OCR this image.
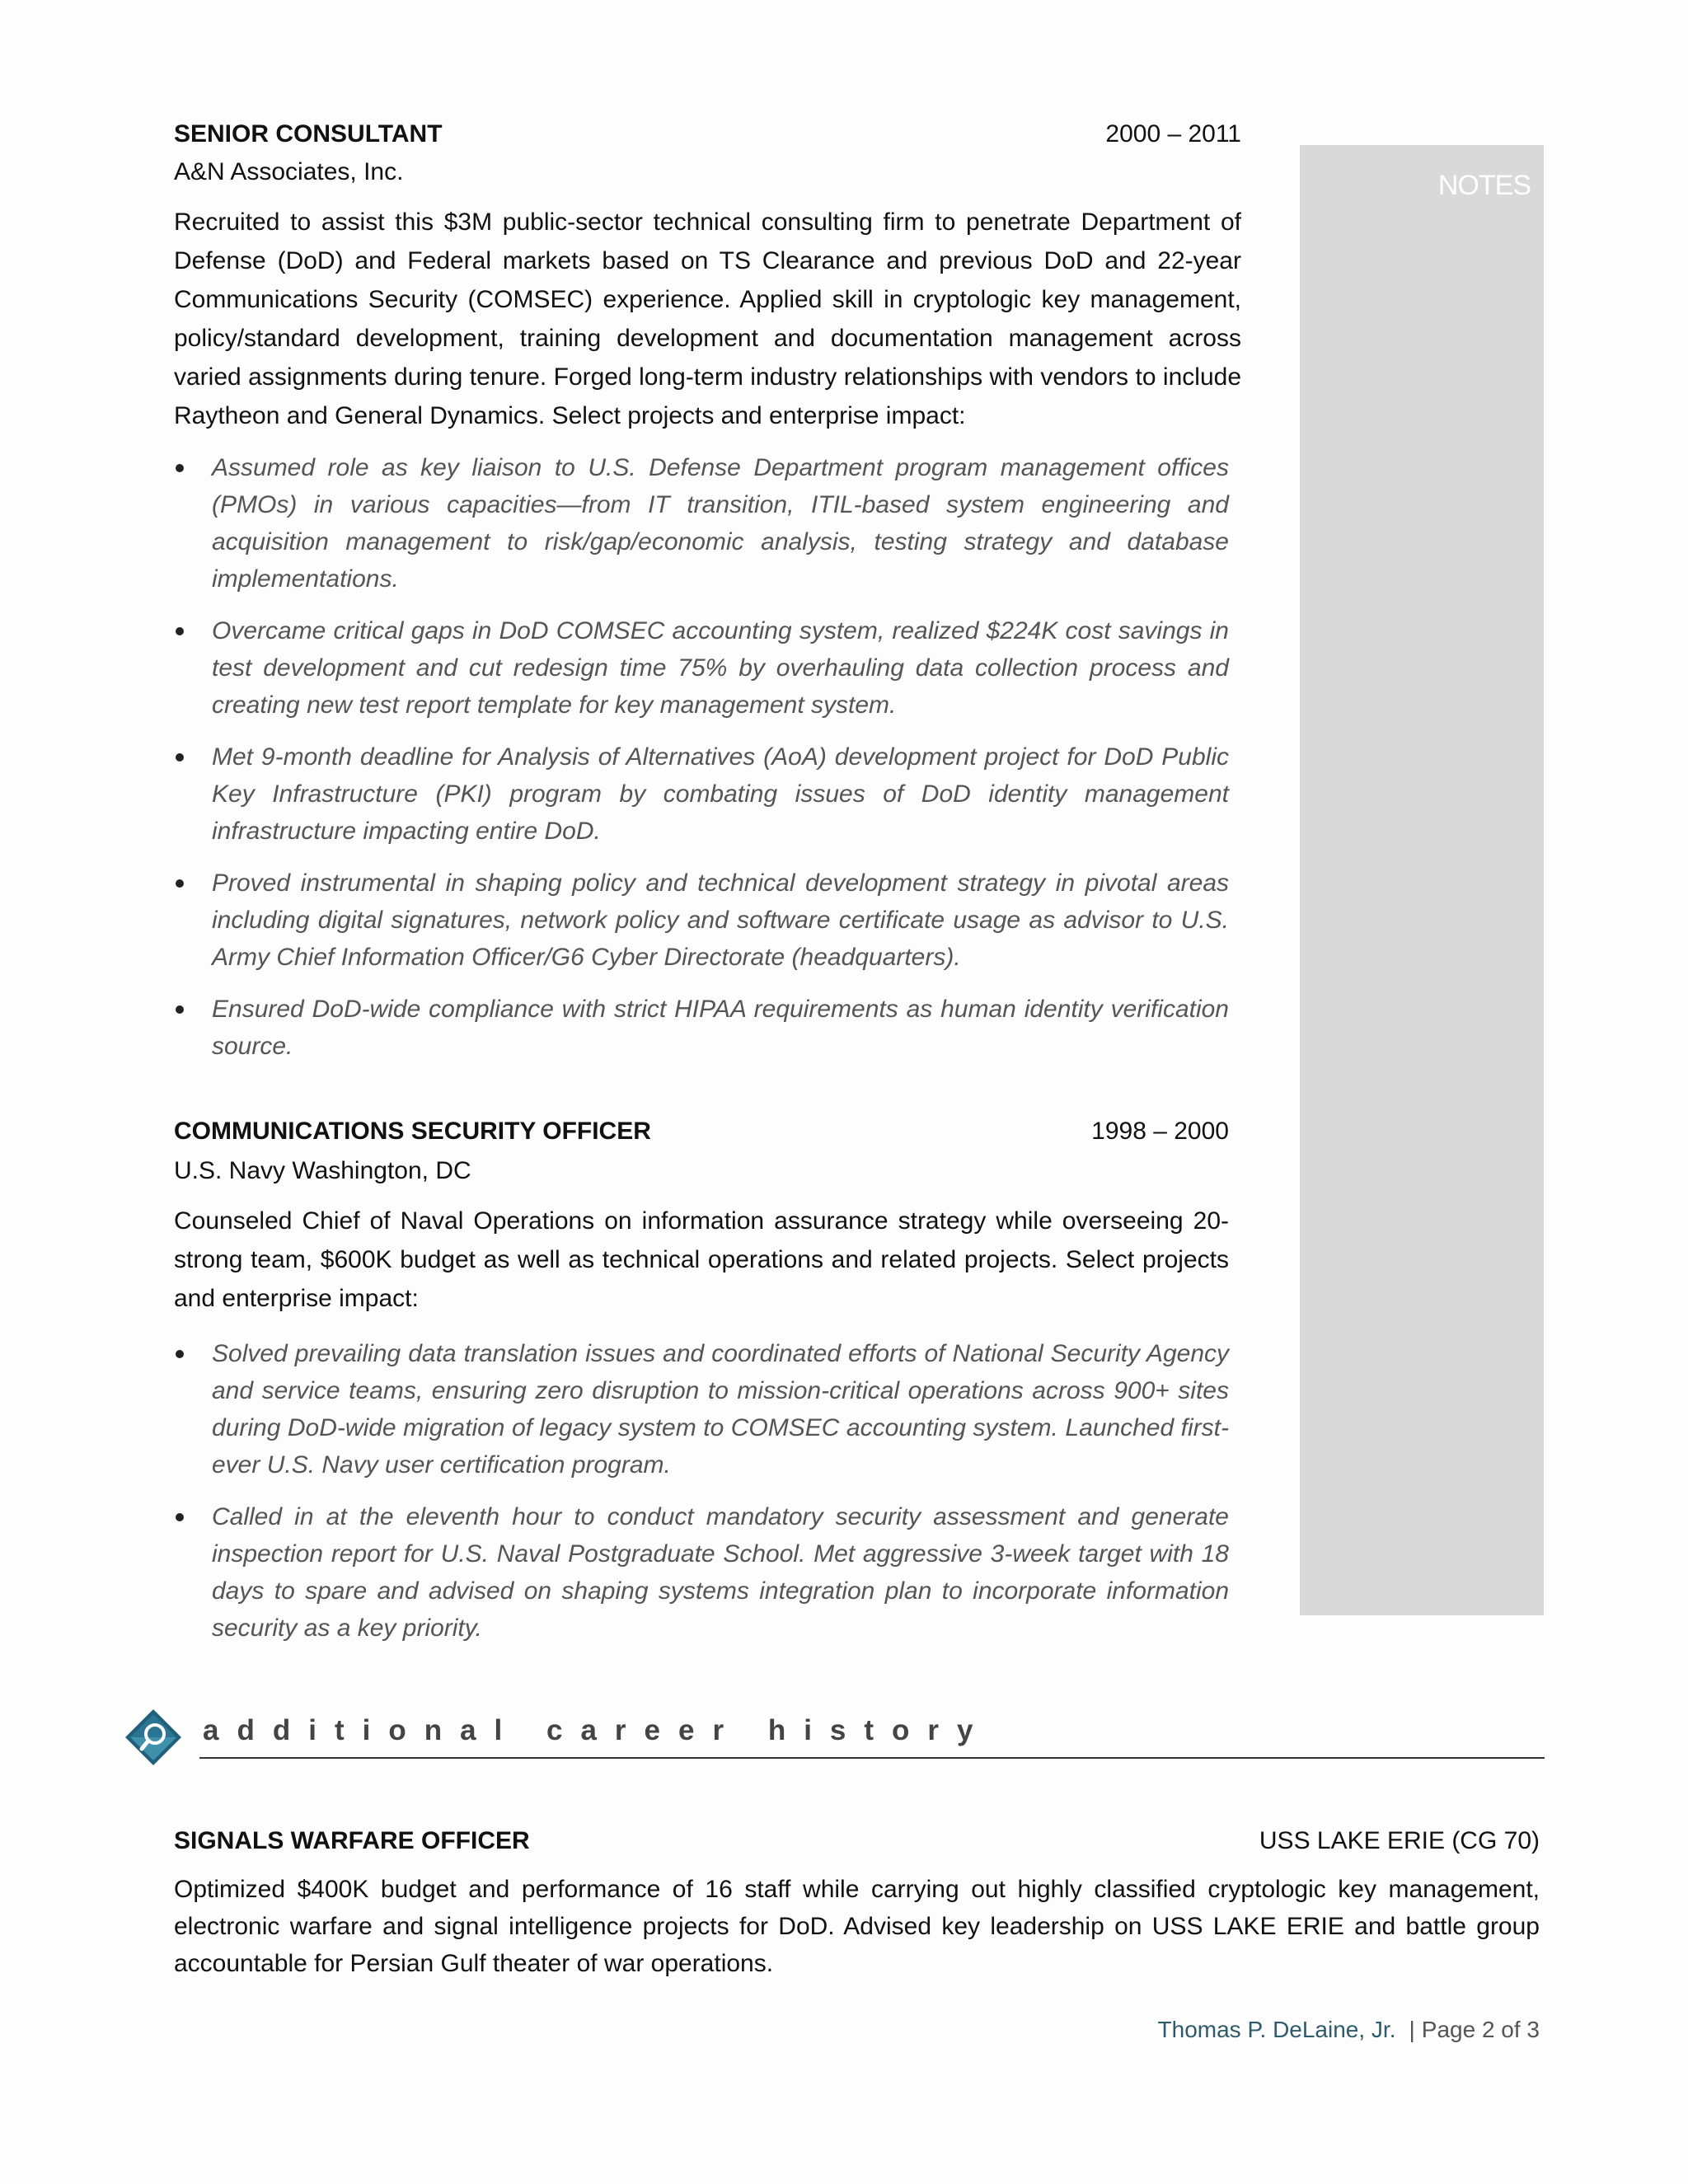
NOTES
SENIOR CONSULTANT	2000 – 2011
A&N Associates, Inc.

Recruited to assist this $3M public-sector technical consulting firm to penetrate Department of Defense (DoD) and Federal markets based on TS Clearance and previous DoD and 22-year Communications Security (COMSEC) experience. Applied skill in cryptologic key management, policy/standard development, training development and documentation management across varied assignments during tenure. Forged long-term industry relationships with vendors to include Raytheon and General Dynamics. Select projects and enterprise impact:

Assumed role as key liaison to U.S. Defense Department program management offices (PMOs) in various capacities—from IT transition, ITIL-based system engineering and acquisition management to risk/gap/economic analysis, testing strategy and database implementations.
Overcame critical gaps in DoD COMSEC accounting system, realized $224K cost savings in test development and cut redesign time 75% by overhauling data collection process and creating new test report template for key management system.
Met 9-month deadline for Analysis of Alternatives (AoA) development project for DoD Public Key Infrastructure (PKI) program by combating issues of DoD identity management infrastructure impacting entire DoD.
Proved instrumental in shaping policy and technical development strategy in pivotal areas including digital signatures, network policy and software certificate usage as advisor to U.S. Army Chief Information Officer/G6 Cyber Directorate (headquarters).
Ensured DoD-wide compliance with strict HIPAA requirements as human identity verification source.
COMMUNICATIONS SECURITY OFFICER	1998 – 2000
U.S. Navy Washington, DC

Counseled Chief of Naval Operations on information assurance strategy while overseeing 20-strong team, $600K budget as well as technical operations and related projects. Select projects and enterprise impact:

Solved prevailing data translation issues and coordinated efforts of National Security Agency and service teams, ensuring zero disruption to mission-critical operations across 900+ sites during DoD-wide migration of legacy system to COMSEC accounting system. Launched first-ever U.S. Navy user certification program.
Called in at the eleventh hour to conduct mandatory security assessment and generate inspection report for U.S. Naval Postgraduate School. Met aggressive 3-week target with 18 days to spare and advised on shaping systems integration plan to incorporate information security as a key priority.
additional career history
SIGNALS WARFARE OFFICER	USS LAKE ERIE (CG 70)

Optimized $400K budget and performance of 16 staff while carrying out highly classified cryptologic key management, electronic warfare and signal intelligence projects for DoD. Advised key leadership on USS LAKE ERIE and battle group accountable for Persian Gulf theater of war operations.

Thomas P. DeLaine, Jr. | Page 2 of 3
